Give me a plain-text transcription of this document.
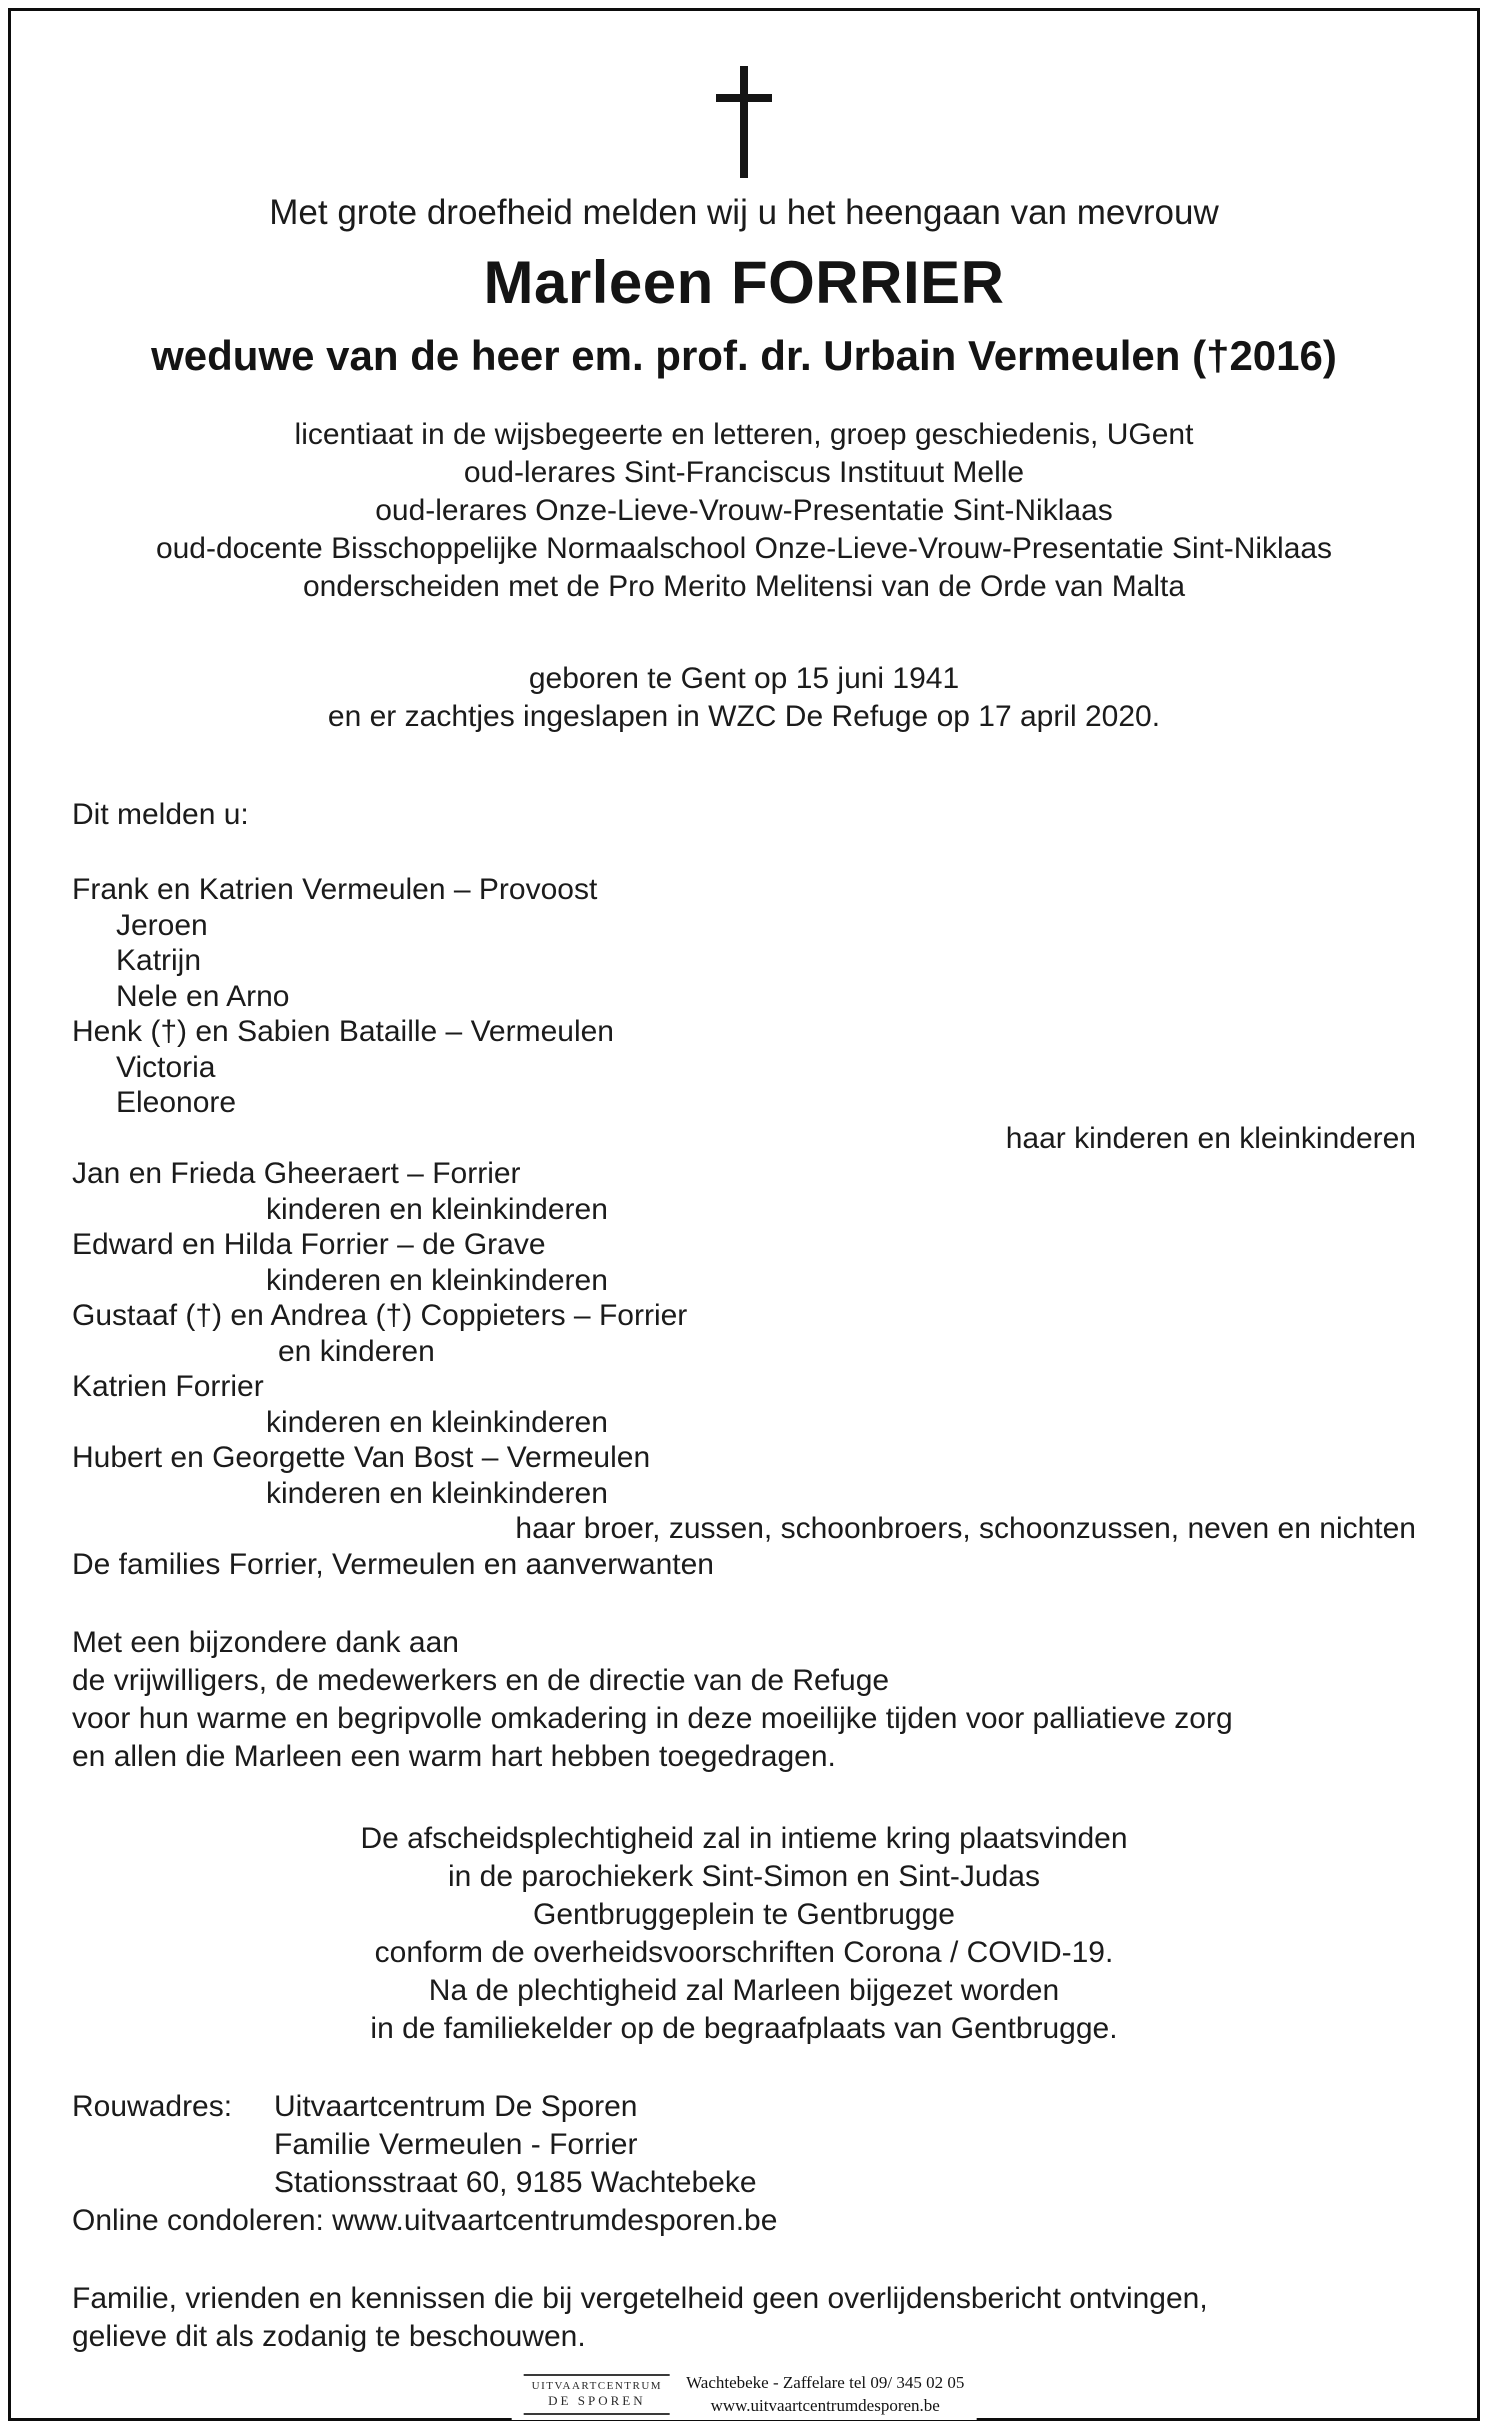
Met grote droefheid melden wij u het heengaan van mevrouw
Marleen FORRIER
weduwe van de heer em. prof. dr. Urbain Vermeulen (†2016)
licentiaat in de wijsbegeerte en letteren, groep geschiedenis, UGent
oud-lerares Sint-Franciscus Instituut Melle
oud-lerares Onze-Lieve-Vrouw-Presentatie Sint-Niklaas
oud-docente Bisschoppelijke Normaalschool Onze-Lieve-Vrouw-Presentatie Sint-Niklaas
onderscheiden met de Pro Merito Melitensi van de Orde van Malta
geboren te Gent op 15 juni 1941
en er zachtjes ingeslapen in WZC De Refuge op 17 april 2020.
Dit melden u:
Frank en Katrien Vermeulen – Provoost
Jeroen
Katrijn
Nele en Arno
Henk (†) en Sabien Bataille – Vermeulen
Victoria
Eleonore
haar kinderen en kleinkinderen
Jan en Frieda Gheeraert – Forrier
kinderen en kleinkinderen
Edward en Hilda Forrier – de Grave
kinderen en kleinkinderen
Gustaaf (†) en Andrea (†) Coppieters – Forrier
en kinderen
Katrien Forrier
kinderen en kleinkinderen
Hubert en Georgette Van Bost – Vermeulen
kinderen en kleinkinderen
haar broer, zussen, schoonbroers, schoonzussen, neven en nichten
De families Forrier, Vermeulen en aanverwanten
Met een bijzondere dank aan
de vrijwilligers, de medewerkers en de directie van de Refuge
voor hun warme en begripvolle omkadering in deze moeilijke tijden voor palliatieve zorg
en allen die Marleen een warm hart hebben toegedragen.
De afscheidsplechtigheid zal in intieme kring plaatsvinden
in de parochiekerk Sint-Simon en Sint-Judas
Gentbruggeplein te Gentbrugge
conform de overheidsvoorschriften Corona / COVID-19.
Na de plechtigheid zal Marleen bijgezet worden
in de familiekelder op de begraafplaats van Gentbrugge.
Rouwadres:	Uitvaartcentrum De Sporen
Familie Vermeulen - Forrier
Stationsstraat 60, 9185 Wachtebeke
Online condoleren: www.uitvaartcentrumdesporen.be
Familie, vrienden en kennissen die bij vergetelheid geen overlijdensbericht ontvingen,
gelieve dit als zodanig te beschouwen.
UITVAARTCENTRUM
DE SPOREN
Wachtebeke - Zaffelare tel 09/ 345 02 05
www.uitvaartcentrumdesporen.be
